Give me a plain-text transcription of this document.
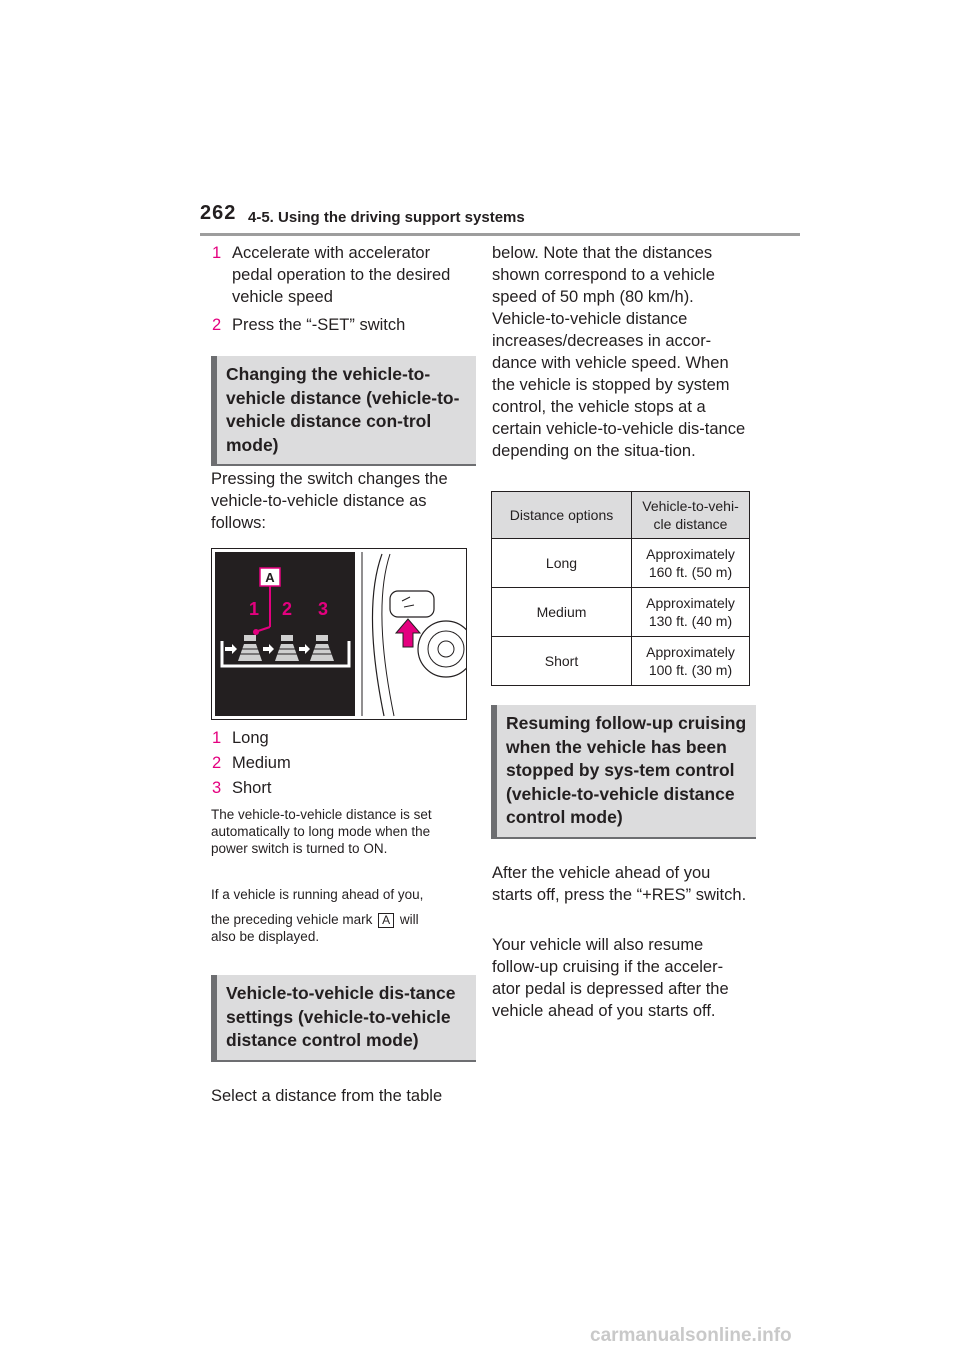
262 4-5. Using the driving support systems
1 Accelerate with accelerator pedal operation to the desired vehicle speed
2 Press the “-SET” switch
Changing the vehicle-to-vehicle distance (vehicle-to-vehicle distance con-trol mode)
Pressing the switch changes the vehicle-to-vehicle distance as follows:
A
1 2 3
1 Long
2 Medium
3 Short
The vehicle-to-vehicle distance is set automatically to long mode when the power switch is turned to ON.
If a vehicle is running ahead of you,
the preceding vehicle mark A will
also be displayed.
Vehicle-to-vehicle dis-tance settings (vehicle-to-vehicle distance control mode)
Select a distance from the table
below. Note that the distances shown correspond to a vehicle speed of 50 mph (80 km/h). Vehicle-to-vehicle distance increases/decreases in accor-dance with vehicle speed. When the vehicle is stopped by system control, the vehicle stops at a certain vehicle-to-vehicle dis-tance depending on the situa-tion.
Distance options	Vehicle-to-vehi-cle distance
Long	Approximately 160 ft. (50 m)
Medium	Approximately 130 ft. (40 m)
Short	Approximately 100 ft. (30 m)
Resuming follow-up cruising when the vehicle has been stopped by sys-tem control (vehicle-to-vehicle distance control mode)
After the vehicle ahead of you starts off, press the “+RES” switch.
Your vehicle will also resume follow-up cruising if the acceler-ator pedal is depressed after the vehicle ahead of you starts off.
carmanualsonline.info
